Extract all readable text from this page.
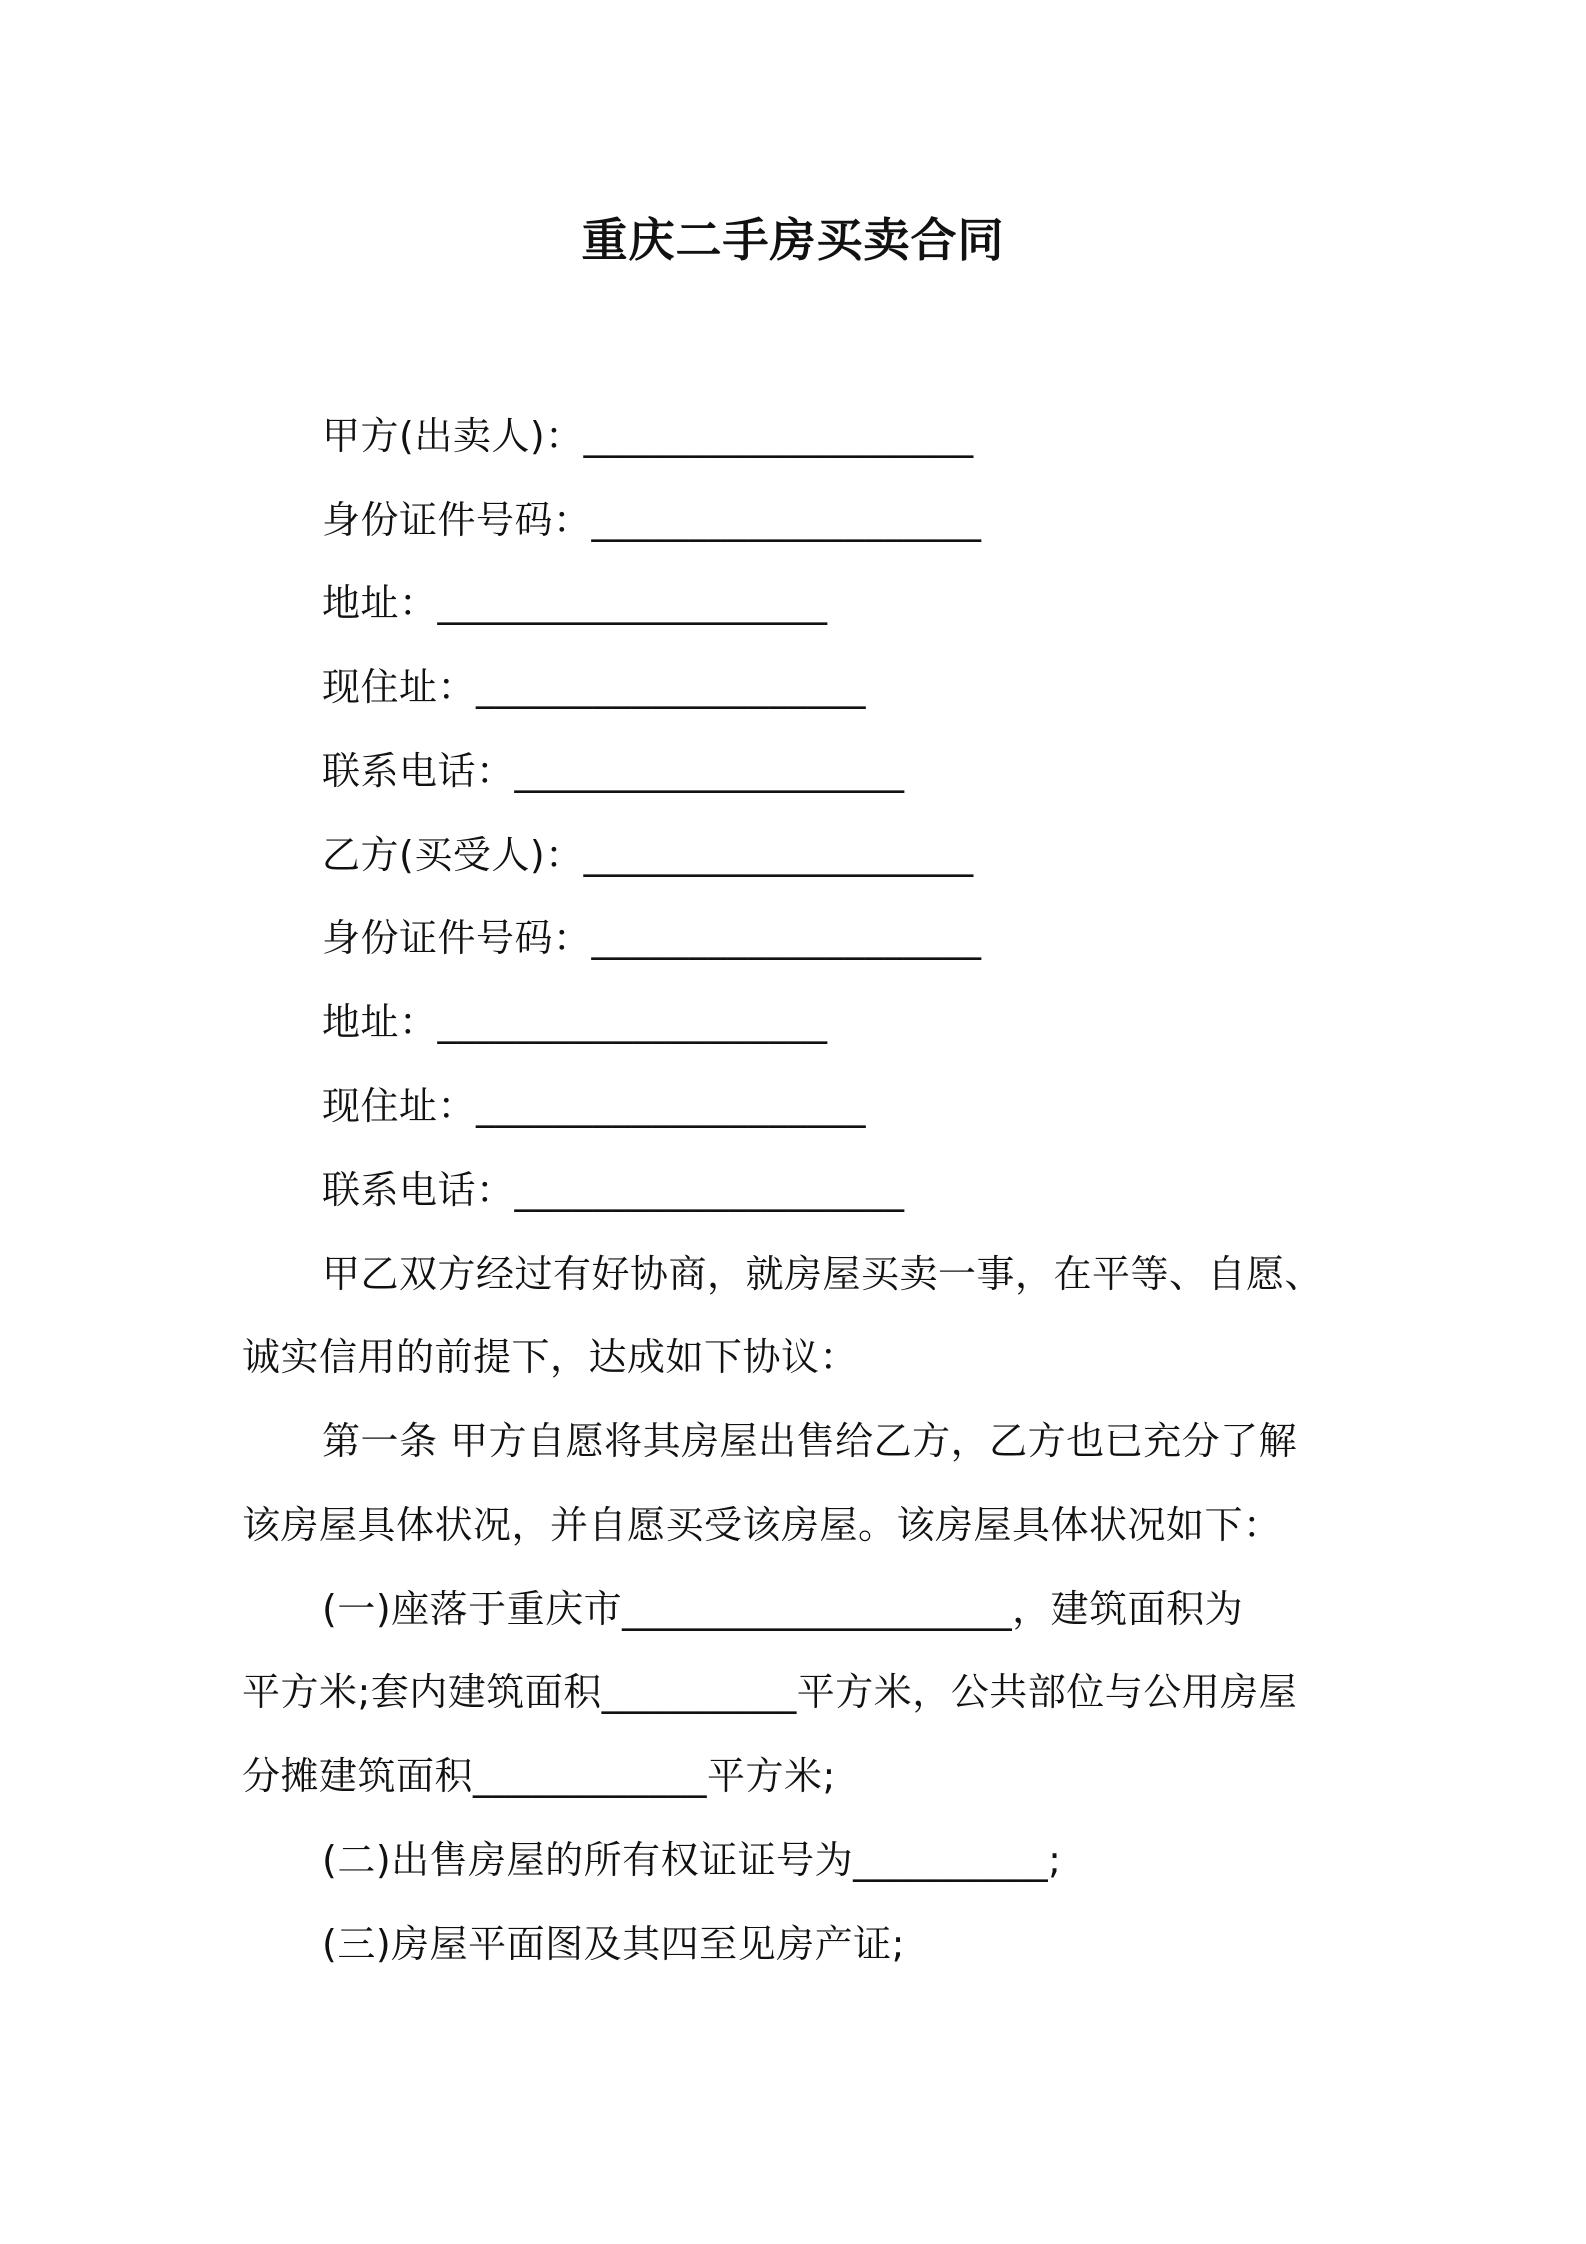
重庆二手房买卖合同
甲方(出卖人)：____________________
身份证件号码：____________________
地址：____________________
现住址：____________________
联系电话：____________________
乙方(买受人)：____________________
身份证件号码：____________________
地址：____________________
现住址：____________________
联系电话：____________________
甲乙双方经过有好协商，就房屋买卖一事，在平等、自愿、
诚实信用的前提下，达成如下协议：
第一条 甲方自愿将其房屋出售给乙方，乙方也已充分了解
该房屋具体状况，并自愿买受该房屋。该房屋具体状况如下：
(一)座落于重庆市____________________，建筑面积为
平方米;套内建筑面积__________平方米，公共部位与公用房屋
分摊建筑面积____________平方米;
(二)出售房屋的所有权证证号为__________;
(三)房屋平面图及其四至见房产证;
